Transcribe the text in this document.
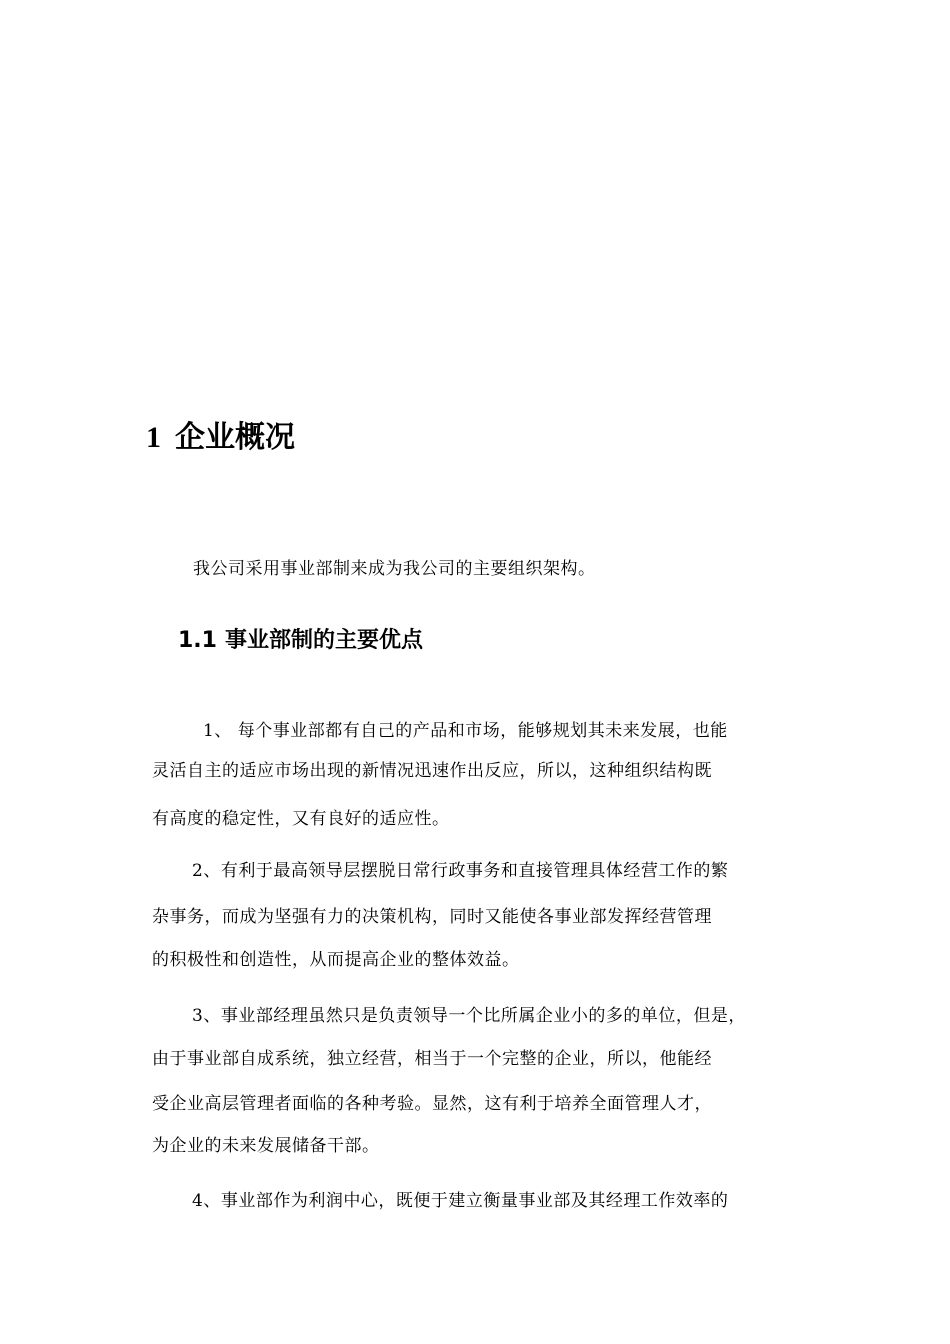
1 企业概况
我公司采用事业部制来成为我公司的主要组织架构。
1.1 事业部制的主要优点
1、 每个事业部都有自己的产品和市场，能够规划其未来发展，也能
灵活自主的适应市场出现的新情况迅速作出反应，所以，这种组织结构既
有高度的稳定性，又有良好的适应性。
2、有利于最高领导层摆脱日常行政事务和直接管理具体经营工作的繁
杂事务，而成为坚强有力的决策机构，同时又能使各事业部发挥经营管理
的积极性和创造性，从而提高企业的整体效益。
3、事业部经理虽然只是负责领导一个比所属企业小的多的单位，但是，
由于事业部自成系统，独立经营，相当于一个完整的企业，所以，他能经
受企业高层管理者面临的各种考验。显然，这有利于培养全面管理人才，
为企业的未来发展储备干部。
4、事业部作为利润中心，既便于建立衡量事业部及其经理工作效率的
